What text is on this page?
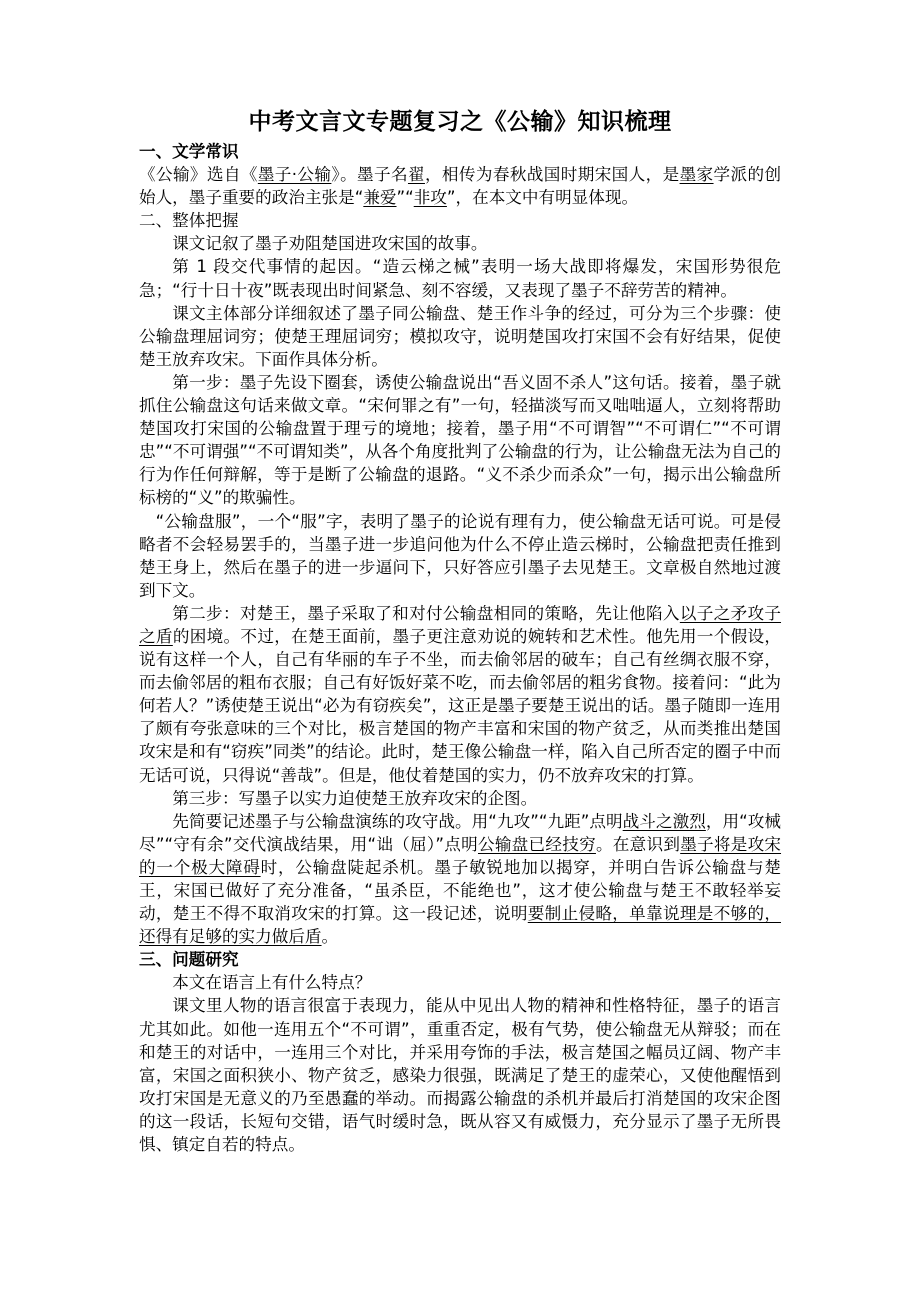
中考文言文专题复习之《公输》知识梳理
一、文学常识

《公输》选自《墨子·公输》。墨子名翟，相传为春秋战国时期宋国人，是墨家学派的创始人，墨子重要的政治主张是“兼爱”“非攻”，在本文中有明显体现。

二、整体把握

课文记叙了墨子劝阻楚国进攻宋国的故事。

第 1 段交代事情的起因。“造云梯之械”表明一场大战即将爆发，宋国形势很危急；“行十日十夜”既表现出时间紧急、刻不容缓，又表现了墨子不辞劳苦的精神。

课文主体部分详细叙述了墨子同公输盘、楚王作斗争的经过，可分为三个步骤：使公输盘理屈词穷；使楚王理屈词穷；模拟攻守，说明楚国攻打宋国不会有好结果，促使楚王放弃攻宋。下面作具体分析。

第一步：墨子先设下圈套，诱使公输盘说出“吾义固不杀人”这句话。接着，墨子就抓住公输盘这句话来做文章。“宋何罪之有”一句，轻描淡写而又咄咄逼人，立刻将帮助楚国攻打宋国的公输盘置于理亏的境地；接着，墨子用“不可谓智”“不可谓仁”“不可谓忠”“不可谓强”“不可谓知类”，从各个角度批判了公输盘的行为，让公输盘无法为自己的行为作任何辩解，等于是断了公输盘的退路。“义不杀少而杀众”一句，揭示出公输盘所标榜的“义”的欺骗性。

“公输盘服”，一个“服”字，表明了墨子的论说有理有力，使公输盘无话可说。可是侵略者不会轻易罢手的，当墨子进一步追问他为什么不停止造云梯时，公输盘把责任推到楚王身上，然后在墨子的进一步逼问下，只好答应引墨子去见楚王。文章极自然地过渡到下文。

第二步：对楚王，墨子采取了和对付公输盘相同的策略，先让他陷入以子之矛攻子之盾的困境。不过，在楚王面前，墨子更注意劝说的婉转和艺术性。他先用一个假设，说有这样一个人，自己有华丽的车子不坐，而去偷邻居的破车；自己有丝绸衣服不穿，而去偷邻居的粗布衣服；自己有好饭好菜不吃，而去偷邻居的粗劣食物。接着问：“此为何若人？”诱使楚王说出“必为有窃疾矣”，这正是墨子要楚王说出的话。墨子随即一连用了颇有夸张意味的三个对比，极言楚国的物产丰富和宋国的物产贫乏，从而类推出楚国攻宋是和有“窃疾”同类”的结论。此时，楚王像公输盘一样，陷入自己所否定的圈子中而无话可说，只得说“善哉”。但是，他仗着楚国的实力，仍不放弃攻宋的打算。

第三步：写墨子以实力迫使楚王放弃攻宋的企图。

先简要记述墨子与公输盘演练的攻守战。用“九攻”“九距”点明战斗之激烈，用“攻械尽”“守有余”交代演战结果，用“诎（屈）”点明公输盘已经技穷。在意识到墨子将是攻宋的一个极大障碍时，公输盘陡起杀机。墨子敏锐地加以揭穿，并明白告诉公输盘与楚王，宋国已做好了充分准备，“虽杀臣，不能绝也”，这才使公输盘与楚王不敢轻举妄动，楚王不得不取消攻宋的打算。这一段记述，说明要制止侵略，单靠说理是不够的，还得有足够的实力做后盾。

三、问题研究

本文在语言上有什么特点？

课文里人物的语言很富于表现力，能从中见出人物的精神和性格特征，墨子的语言尤其如此。如他一连用五个“不可谓”，重重否定，极有气势，使公输盘无从辩驳；而在和楚王的对话中，一连用三个对比，并采用夸饰的手法，极言楚国之幅员辽阔、物产丰富，宋国之面积狭小、物产贫乏，感染力很强，既满足了楚王的虚荣心，又使他醒悟到攻打宋国是无意义的乃至愚蠢的举动。而揭露公输盘的杀机并最后打消楚国的攻宋企图的这一段话，长短句交错，语气时缓时急，既从容又有威慑力，充分显示了墨子无所畏惧、镇定自若的特点。
